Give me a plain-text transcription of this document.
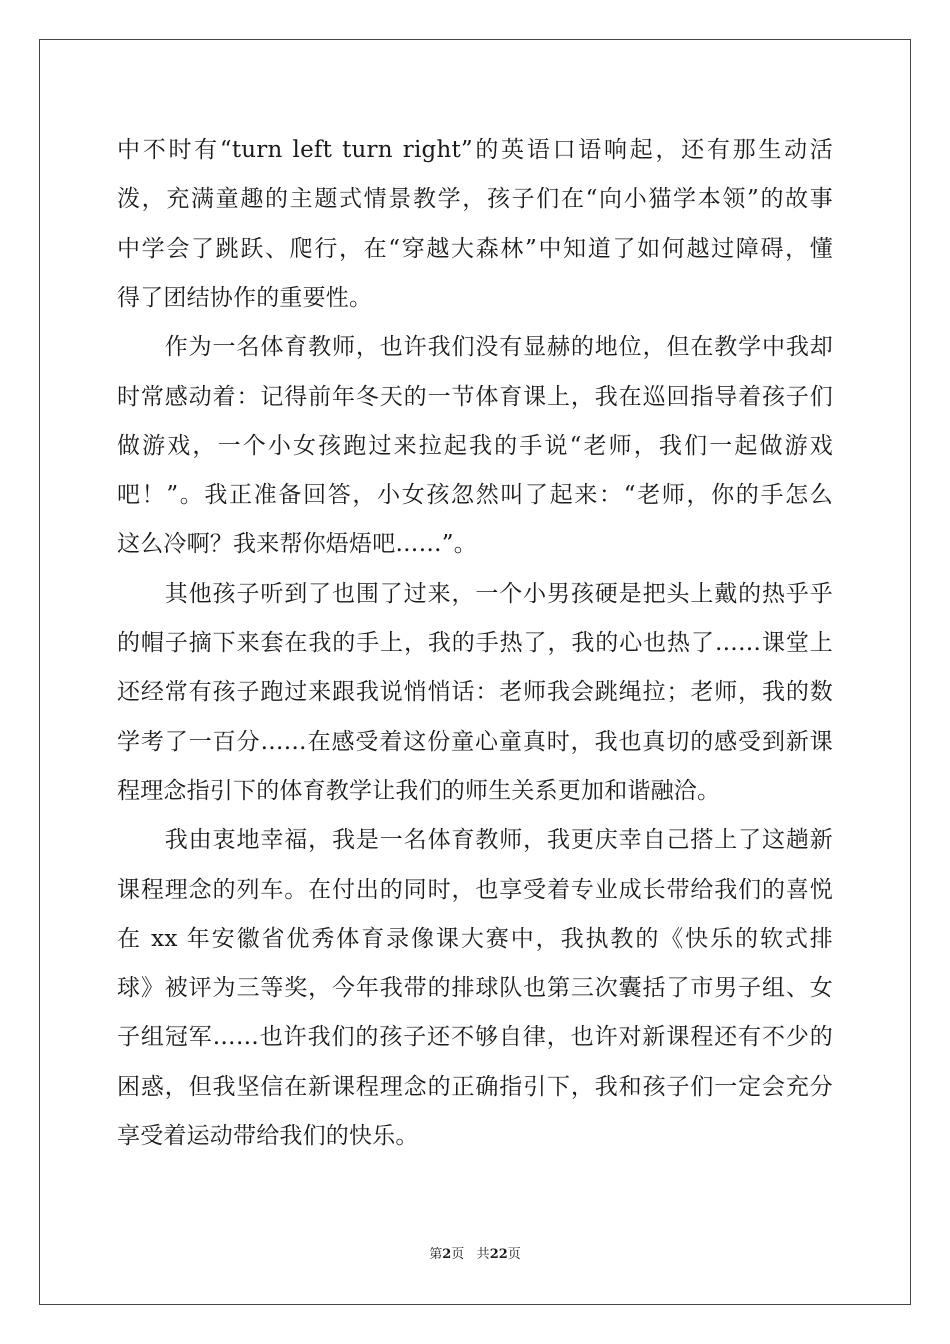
中不时有“turn left turn right”的英语口语响起，还有那生动活
泼，充满童趣的主题式情景教学，孩子们在“向小猫学本领”的故事
中学会了跳跃、爬行，在“穿越大森林”中知道了如何越过障碍，懂
得了团结协作的重要性。
　　作为一名体育教师，也许我们没有显赫的地位，但在教学中我却
时常感动着：记得前年冬天的一节体育课上，我在巡回指导着孩子们
做游戏，一个小女孩跑过来拉起我的手说“老师，我们一起做游戏
吧！”。我正准备回答，小女孩忽然叫了起来：“老师，你的手怎么
这么冷啊？我来帮你焐焐吧……”。
　　其他孩子听到了也围了过来，一个小男孩硬是把头上戴的热乎乎
的帽子摘下来套在我的手上，我的手热了，我的心也热了……课堂上
还经常有孩子跑过来跟我说悄悄话：老师我会跳绳拉；老师，我的数
学考了一百分……在感受着这份童心童真时，我也真切的感受到新课
程理念指引下的体育教学让我们的师生关系更加和谐融洽。
　　我由衷地幸福，我是一名体育教师，我更庆幸自己搭上了这趟新
课程理念的列车。在付出的同时，也享受着专业成长带给我们的喜悦
在 xx 年安徽省优秀体育录像课大赛中，我执教的《快乐的软式排
球》被评为三等奖，今年我带的排球队也第三次囊括了市男子组、女
子组冠军……也许我们的孩子还不够自律，也许对新课程还有不少的
困惑，但我坚信在新课程理念的正确指引下，我和孩子们一定会充分
享受着运动带给我们的快乐。
第2页 共22页
